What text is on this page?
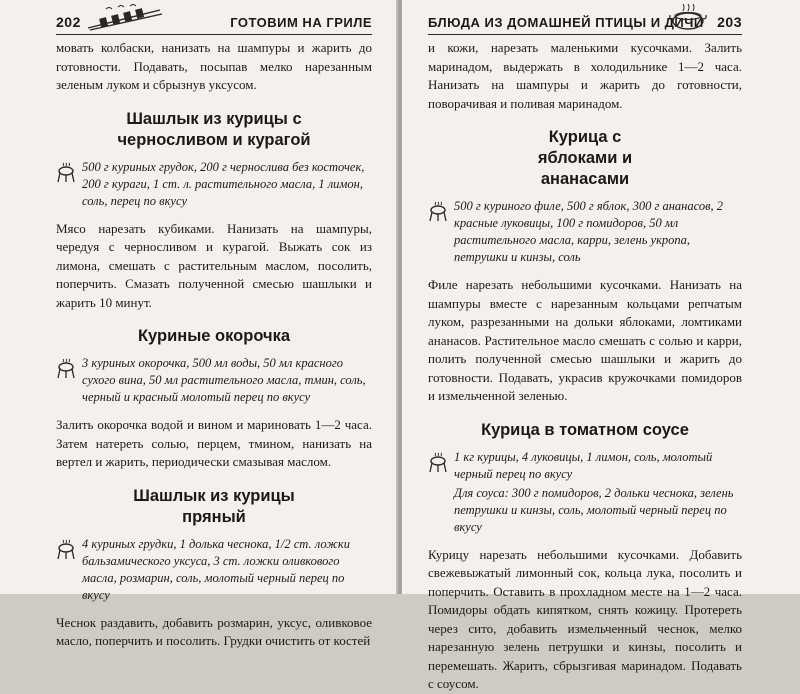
202	ГОТОВИМ НА ГРИЛЕ

мовать колбаски, нанизать на шампуры и жарить до готовности. Подавать, посыпав мелко нарезанным зеленым луком и сбрызнув уксусом.

Шашлык из курицы с черносливом и курагой
500 г куриных грудок, 200 г чернослива без косточек, 200 г кураги, 1 ст. л. растительного масла, 1 лимон, соль, перец по вкусу

Мясо нарезать кубиками. Нанизать на шампуры, чередуя с черносливом и курагой. Выжать сок из лимона, смешать с растительным маслом, посолить, поперчить. Смазать полученной смесью шашлыки и жарить 10 минут.

Куриные окорочка
3 куриных окорочка, 500 мл воды, 50 мл красного сухого вина, 50 мл растительного масла, тмин, соль, черный и красный молотый перец по вкусу

Залить окорочка водой и вином и мариновать 1—2 часа. Затем натереть солью, перцем, тмином, нанизать на вертел и жарить, периодически смазывая маслом.

Шашлык из курицы пряный
4 куриных грудки, 1 долька чеснока, 1/2 ст. ложки бальзамического уксуса, 3 ст. ложки оливкового масла, розмарин, соль, молотый черный перец по вкусу

Чеснок раздавить, добавить розмарин, уксус, оливковое масло, поперчить и посолить. Грудки очистить от костей

БЛЮДА ИЗ ДОМАШНЕЙ ПТИЦЫ И ДИЧИ 203

и кожи, нарезать маленькими кусочками. Залить маринадом, выдержать в холодильнике 1—2 часа. Нанизать на шампуры и жарить до готовности, поворачивая и поливая маринадом.

Курица с яблоками и ананасами
500 г куриного филе, 500 г яблок, 300 г ананасов, 2 красные луковицы, 100 г помидоров, 50 мл растительного масла, карри, зелень укропа, петрушки и кинзы, соль

Филе нарезать небольшими кусочками. Нанизать на шампуры вместе с нарезанным кольцами репчатым луком, разрезанными на дольки яблоками, ломтиками ананасов. Растительное масло смешать с солью и карри, полить полученной смесью шашлыки и жарить до готовности. Подавать, украсив кружочками помидоров и измельченной зеленью.

Курица в томатном соусе
1 кг курицы, 4 луковицы, 1 лимон, соль, молотый черный перец по вкусу
Для соуса: 300 г помидоров, 2 дольки чеснока, зелень петрушки и кинзы, соль, молотый черный перец по вкусу

Курицу нарезать небольшими кусочками. Добавить свежевыжатый лимонный сок, кольца лука, посолить и поперчить. Оставить в прохладном месте на 1—2 часа. Помидоры обдать кипятком, снять кожицу. Протереть через сито, добавить измельченный чеснок, мелко нарезанную зелень петрушки и кинзы, посолить и перемешать. Жарить, сбрызгивая маринадом. Подавать с соусом.
